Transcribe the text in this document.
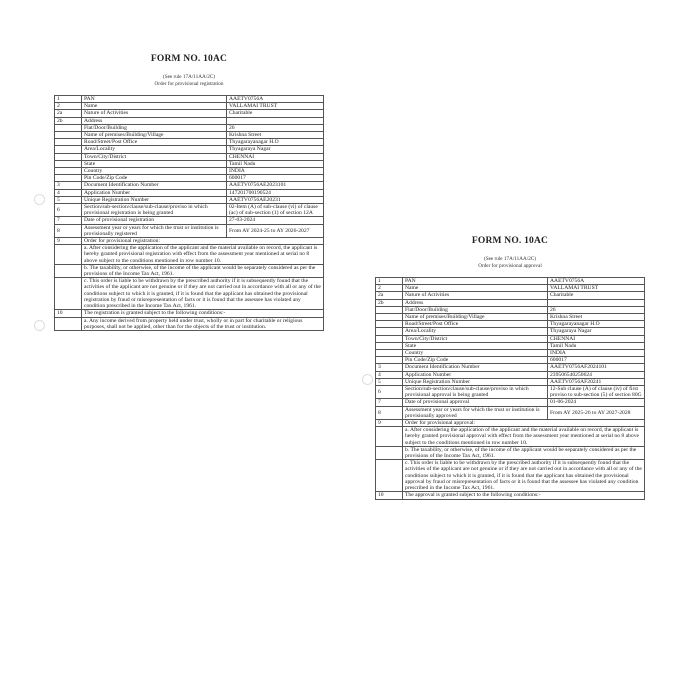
FORM NO. 10AC
(See rule 17A/11AA/2C)
Order for provisional registration
1	PAN	AAETV0756A
2	Name	VALLAMAI TRUST
2a	Nature of Activities	Charitable
2b	Address	
	Flat/Door/Building	26
	Name of premises/Building/Village	Krishna Street
	Road/Street/Post Office	Thyagarayanagar H.O
	Area/Locality	Thyagaraya Nagar
	Town/City/District	CHENNAI
	State	Tamil Nadu
	Country	INDIA
	Pin Code/Zip Code	600017
3	Document Identification Number	AAETV0756AE2023101
4	Application Number	147201700190524
5	Unique Registration Number	AAETV0756AE20231
6	Section/sub-section/clause/sub-clause/proviso in which provisional registration is being granted	02-Item (A) of sub-clause (vi) of clause (ac) of sub-section (1) of section 12A
7	Date of provisional registration	27-03-2024
8	Assessment year or years for which the trust or institution is provisionally registered	From AY 2024-25 to AY 2026-2027
9	Order for provisional registration:	
	a. After considering the application of the applicant and the material available on record, the applicant is hereby granted provisional registration with effect from the assessment year mentioned at serial no 8 above subject to the conditions mentioned in row number 10.	
	b. The taxability, or otherwise, of the income of the applicant would be separately considered as per the provisions of the Income Tax Act, 1961.	
	c. This order is liable to be withdrawn by the prescribed authority if it is subsequently found that the activities of the applicant are not genuine or if they are not carried out in accordance with all or any of the conditions subject to which it is granted, if it is found that the applicant has obtained the provisional registration by fraud or misrepresentation of facts or it is found that the assessee has violated any condition prescribed in the Income Tax Act, 1961.	
10	The registration is granted subject to the following conditions:-	
	a. Any income derived from property held under trust, wholly or in part for charitable or religious purposes, shall not be applied, other than for the objects of the trust or institution.	
FORM NO. 10AC
(See rule 17A/11AA/2C)
Order for provisional approval
1	PAN	AAETV0756A
2	Name	VALLAMAI TRUST
2a	Nature of Activities	Charitable
2b	Address	
	Flat/Door/Building	26
	Name of premises/Building/Village	Krishna Street
	Road/Street/Post Office	Thyagarayanagar H.O
	Area/Locality	Thyagaraya Nagar
	Town/City/District	CHENNAI
	State	Tamil Nadu
	Country	INDIA
	Pin Code/Zip Code	600017
3	Document Identification Number	AAETV0756AF2024101
4	Application Number	239506540250624
5	Unique Registration Number	AAETV0756AF20241
6	Section/sub-section/clause/sub-clause/proviso in which provisional approval is being granted	12-Sub clause (A) of clause (iv) of first proviso to sub-section (5) of section 80G
7	Date of provisional approval	01-06-2024
8	Assessment year or years for which the trust or institution is provisionally approved	From AY 2025-26 to AY 2027-2028
9	Order for provisional approval:	
	a. After considering the application of the applicant and the material available on record, the applicant is hereby granted provisional approval with effect from the assessment year mentioned at serial no 8 above subject to the conditions mentioned in row number 10.	
	b. The taxability, or otherwise, of the income of the applicant would be separately considered as per the provisions of the Income Tax Act, 1961.	
	c. This order is liable to be withdrawn by the prescribed authority if it is subsequently found that the activities of the applicant are not genuine or if they are not carried out in accordance with all or any of the conditions subject to which it is granted, if it is found that the applicant has obtained the provisional approval by fraud or misrepresentation of facts or it is found that the assessee has violated any condition prescribed in the Income Tax Act, 1961.	
10	The approval is granted subject to the following conditions:-	
